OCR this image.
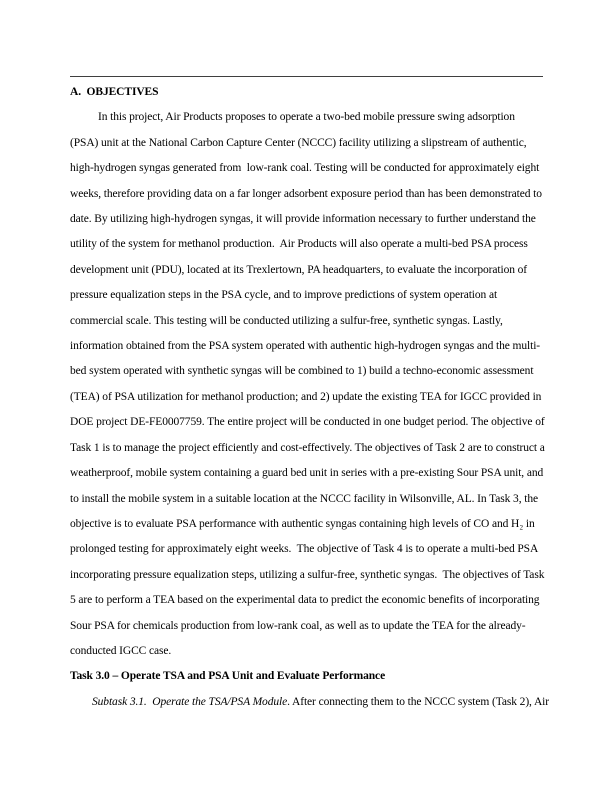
A.  OBJECTIVES
In this project, Air Products proposes to operate a two-bed mobile pressure swing adsorption
(PSA) unit at the National Carbon Capture Center (NCCC) facility utilizing a slipstream of authentic,
high-hydrogen syngas generated from  low-rank coal. Testing will be conducted for approximately eight
weeks, therefore providing data on a far longer adsorbent exposure period than has been demonstrated to
date. By utilizing high-hydrogen syngas, it will provide information necessary to further understand the
utility of the system for methanol production.  Air Products will also operate a multi-bed PSA process
development unit (PDU), located at its Trexlertown, PA headquarters, to evaluate the incorporation of
pressure equalization steps in the PSA cycle, and to improve predictions of system operation at
commercial scale. This testing will be conducted utilizing a sulfur-free, synthetic syngas. Lastly,
information obtained from the PSA system operated with authentic high-hydrogen syngas and the multi-
bed system operated with synthetic syngas will be combined to 1) build a techno-economic assessment
(TEA) of PSA utilization for methanol production; and 2) update the existing TEA for IGCC provided in
DOE project DE-FE0007759. The entire project will be conducted in one budget period. The objective of
Task 1 is to manage the project efficiently and cost-effectively. The objectives of Task 2 are to construct a
weatherproof, mobile system containing a guard bed unit in series with a pre-existing Sour PSA unit, and
to install the mobile system in a suitable location at the NCCC facility in Wilsonville, AL. In Task 3, the
objective is to evaluate PSA performance with authentic syngas containing high levels of CO and H₂ in
prolonged testing for approximately eight weeks.  The objective of Task 4 is to operate a multi-bed PSA
incorporating pressure equalization steps, utilizing a sulfur-free, synthetic syngas.  The objectives of Task
5 are to perform a TEA based on the experimental data to predict the economic benefits of incorporating
Sour PSA for chemicals production from low-rank coal, as well as to update the TEA for the already-
conducted IGCC case.
Task 3.0 – Operate TSA and PSA Unit and Evaluate Performance
Subtask 3.1.  Operate the TSA/PSA Module. After connecting them to the NCCC system (Task 2), Air
